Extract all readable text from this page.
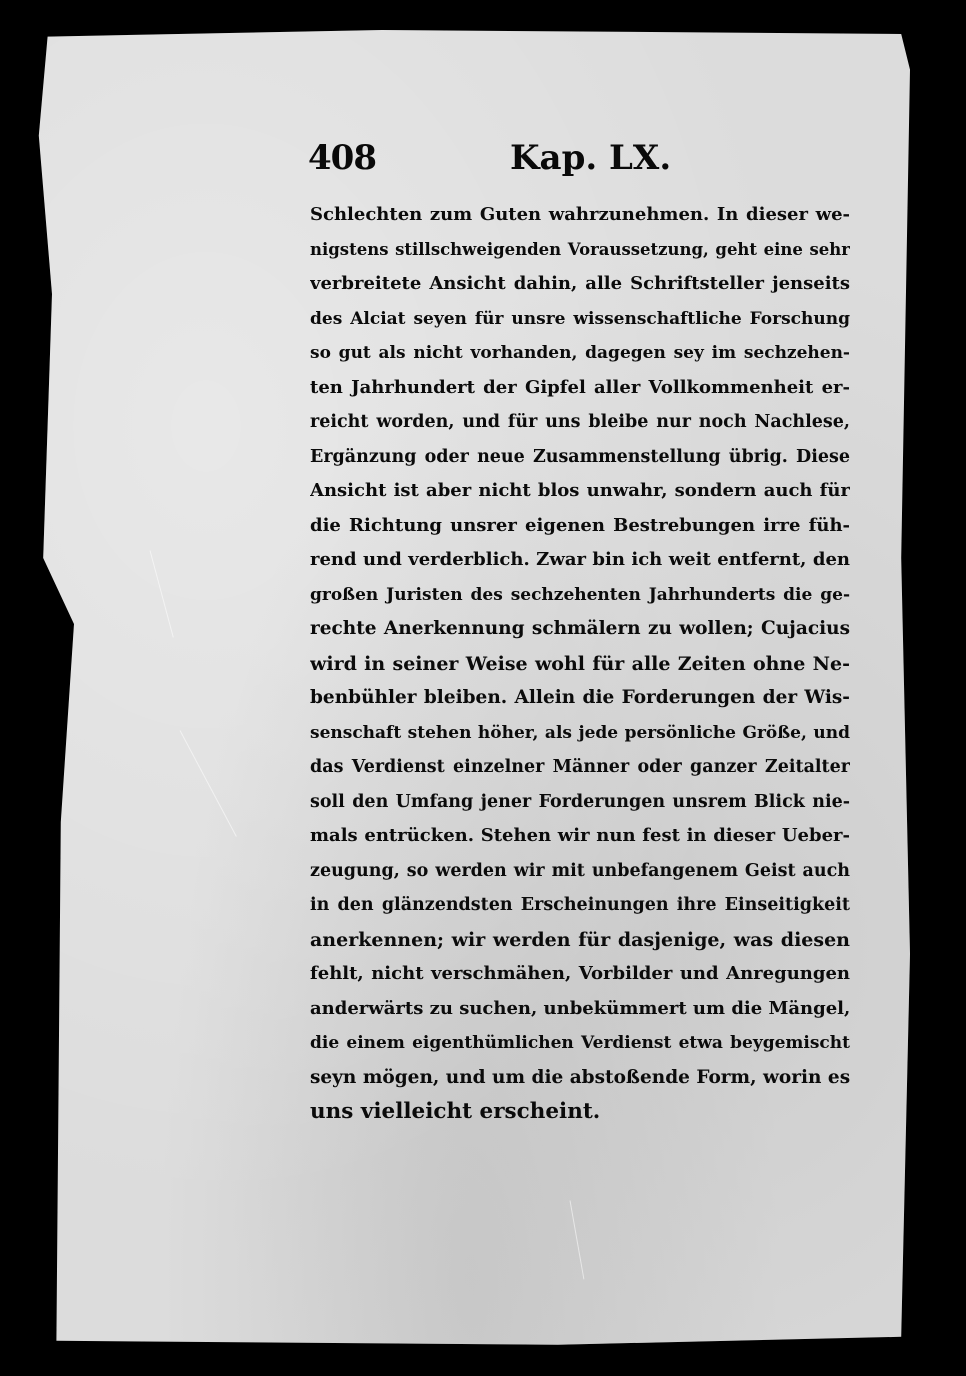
408	Kap. LX.
Schlechten zum Guten wahrzunehmen. In dieser we-
nigstens stillschweigenden Voraussetzung, geht eine sehr
verbreitete Ansicht dahin, alle Schriftsteller jenseits
des Alciat seyen für unsre wissenschaftliche Forschung
so gut als nicht vorhanden, dagegen sey im sechzehen-
ten Jahrhundert der Gipfel aller Vollkommenheit er-
reicht worden, und für uns bleibe nur noch Nachlese,
Ergänzung oder neue Zusammenstellung übrig. Diese
Ansicht ist aber nicht blos unwahr, sondern auch für
die Richtung unsrer eigenen Bestrebungen irre füh-
rend und verderblich. Zwar bin ich weit entfernt, den
großen Juristen des sechzehenten Jahrhunderts die ge-
rechte Anerkennung schmälern zu wollen; Cujacius
wird in seiner Weise wohl für alle Zeiten ohne Ne-
benbühler bleiben. Allein die Forderungen der Wis-
senschaft stehen höher, als jede persönliche Größe, und
das Verdienst einzelner Männer oder ganzer Zeitalter
soll den Umfang jener Forderungen unsrem Blick nie-
mals entrücken. Stehen wir nun fest in dieser Ueber-
zeugung, so werden wir mit unbefangenem Geist auch
in den glänzendsten Erscheinungen ihre Einseitigkeit
anerkennen; wir werden für dasjenige, was diesen
fehlt, nicht verschmähen, Vorbilder und Anregungen
anderwärts zu suchen, unbekümmert um die Mängel,
die einem eigenthümlichen Verdienst etwa beygemischt
seyn mögen, und um die abstoßende Form, worin es
uns vielleicht erscheint.
